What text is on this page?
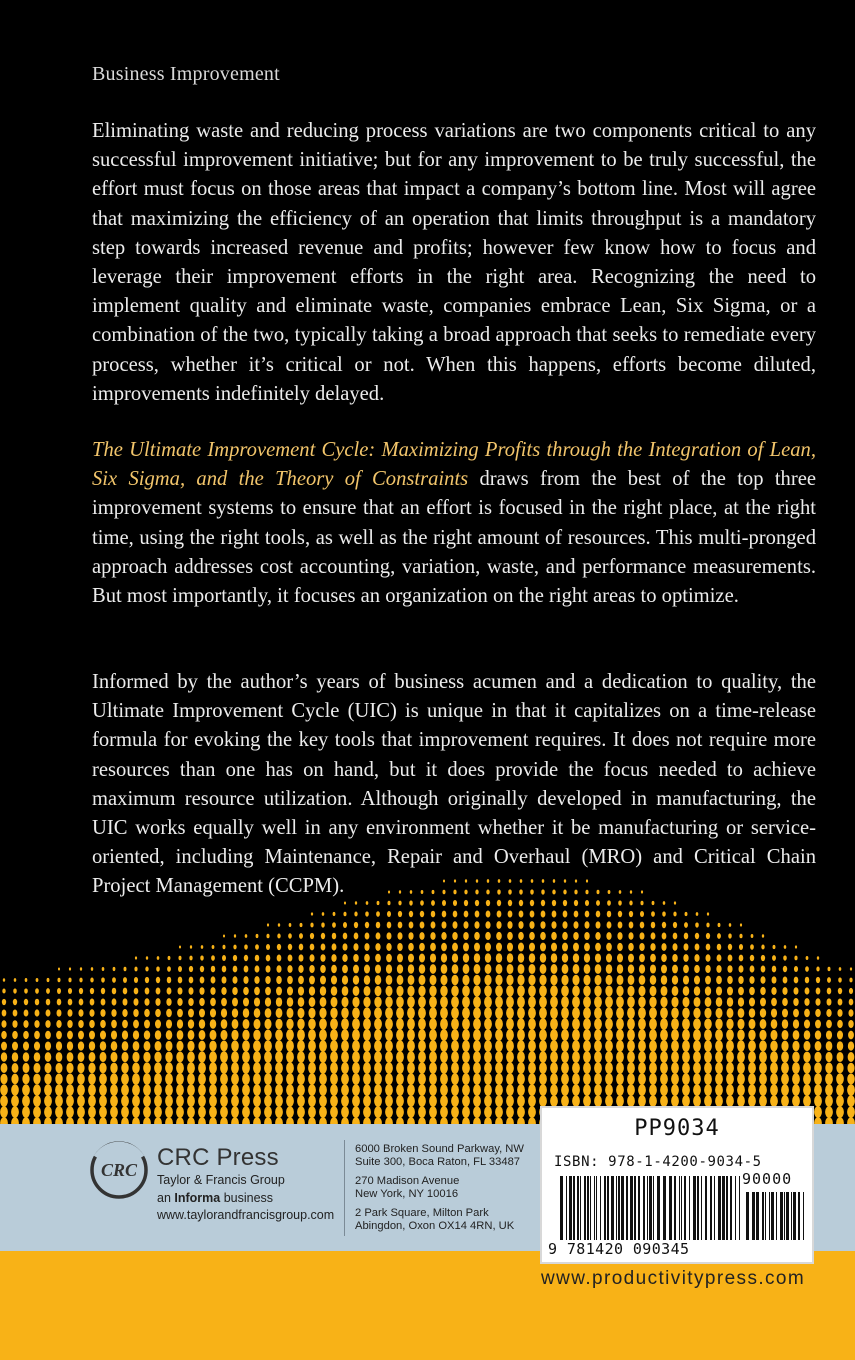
Business Improvement

Eliminating waste and reducing process variations are two components critical to any successful improvement initiative; but for any improvement to be truly successful, the effort must focus on those areas that impact a company’s bottom line. Most will agree that maximizing the efficiency of an operation that limits throughput is a mandatory step towards increased revenue and profits; however few know how to focus and leverage their improvement efforts in the right area. Recognizing the need to implement quality and eliminate waste, companies embrace Lean, Six Sigma, or a combination of the two, typically taking a broad approach that seeks to remediate every process, whether it’s critical or not. When this happens, efforts become diluted, improvements indefinitely delayed.

The Ultimate Improvement Cycle: Maximizing Profits through the Integration of Lean, Six Sigma, and the Theory of Constraints draws from the best of the top three improvement systems to ensure that an effort is focused in the right place, at the right time, using the right tools, as well as the right amount of resources. This multi-pronged approach addresses cost accounting, variation, waste, and performance measurements. But most importantly, it focuses an organization on the right areas to optimize.

Informed by the author’s years of business acumen and a dedication to quality, the Ultimate Improvement Cycle (UIC) is unique in that it capitalizes on a time-release formula for evoking the key tools that improvement requires. It does not require more resources than one has on hand, but it does provide the focus needed to achieve maximum resource utilization. Although originally developed in manufacturing, the UIC works equally well in any environment whether it be manufacturing or service-oriented, including Maintenance, Repair and Overhaul (MRO) and Critical Chain Project Management (CCPM).

CRC CRC Press
Taylor & Francis Group
an Informa business
www.taylorandfrancisgroup.com
6000 Broken Sound Parkway, NW
Suite 300, Boca Raton, FL 33487
270 Madison Avenue
New York, NY 10016
2 Park Square, Milton Park
Abingdon, Oxon OX14 4RN, UK
PP9034
ISBN: 978-1-4200-9034-5
90000
9 781420 090345
www.productivitypress.com
